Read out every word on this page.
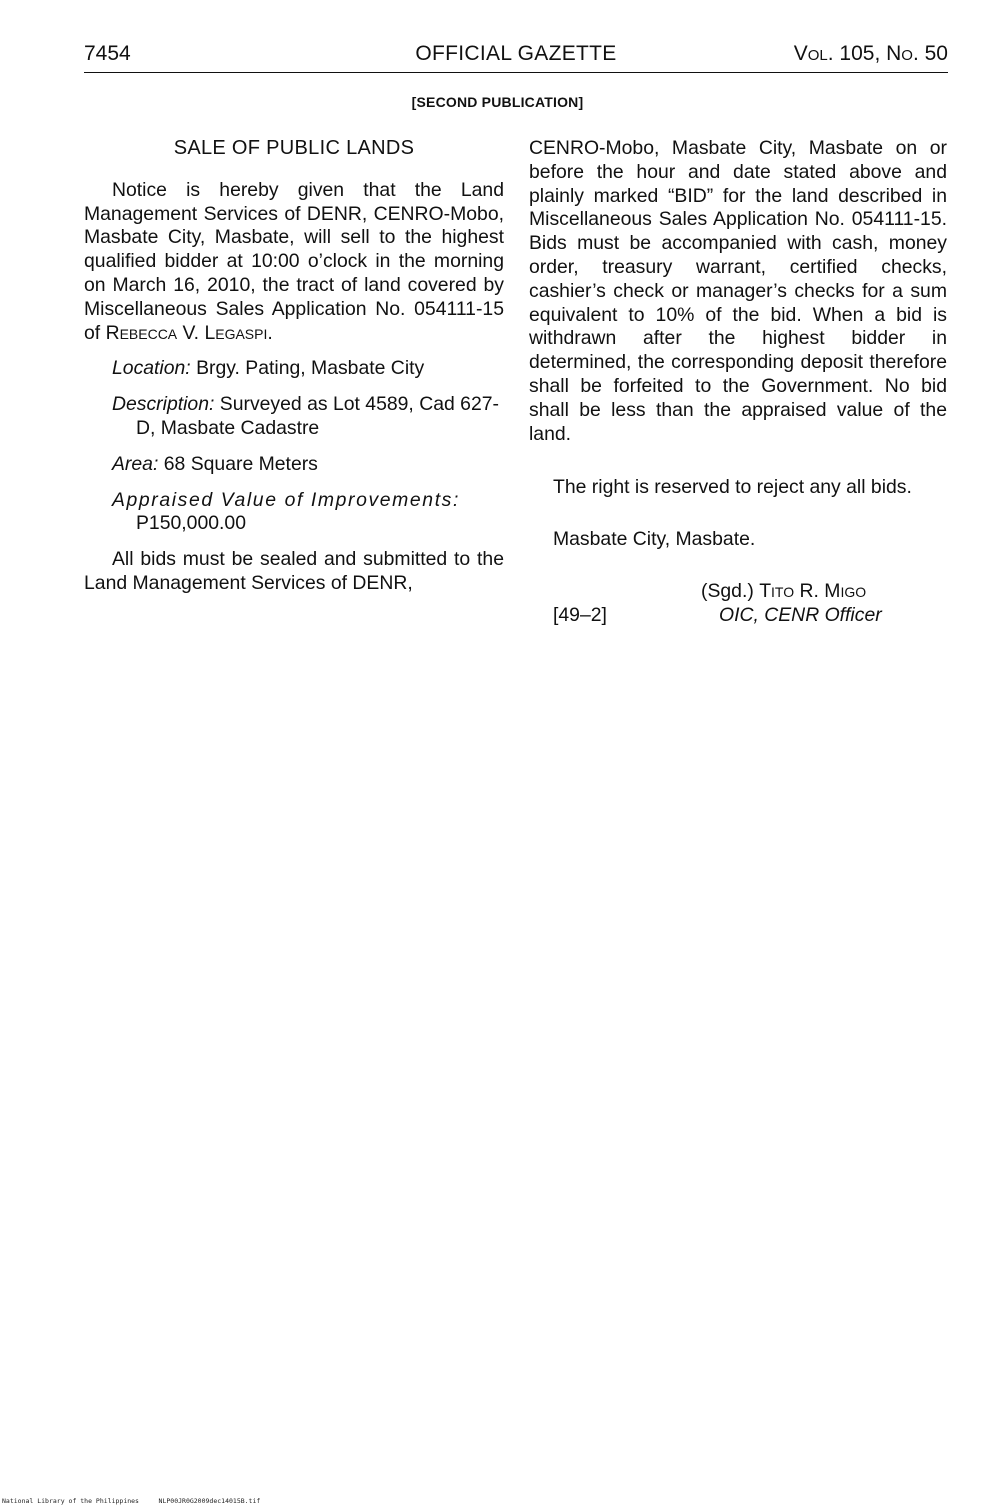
7454	OFFICIAL GAZETTE	Vol. 105, No. 50
[SECOND PUBLICATION]
SALE OF PUBLIC LANDS

Notice is hereby given that the Land Management Services of DENR, CENRO-Mobo, Masbate City, Masbate, will sell to the highest qualified bidder at 10:00 o’clock in the morning on March 16, 2010, the tract of land covered by Miscellaneous Sales Application No. 054111-15 of Rebecca V. Legaspi.

Location: Brgy. Pating, Masbate City

Description: Surveyed as Lot 4589, Cad 627-D, Masbate Cadastre

Area: 68 Square Meters

Appraised Value of Improvements: P150,000.00

All bids must be sealed and submitted to the Land Management Services of DENR,

CENRO-Mobo, Masbate City, Masbate on or before the hour and date stated above and plainly marked “BID” for the land described in Miscellaneous Sales Application No. 054111-15. Bids must be accompanied with cash, money order, treasury warrant, certified checks, cashier’s check or manager’s checks for a sum equivalent to 10% of the bid. When a bid is withdrawn after the highest bidder in determined, the corresponding deposit therefore shall be forfeited to the Government. No bid shall be less than the appraised value of the land.

The right is reserved to reject any all bids.

Masbate City, Masbate.

(Sgd.) Tito R. Migo
[49–2]	OIC, CENR Officer
National Library of the Philippines	NLP00JR0G2009dec14015B.tif
